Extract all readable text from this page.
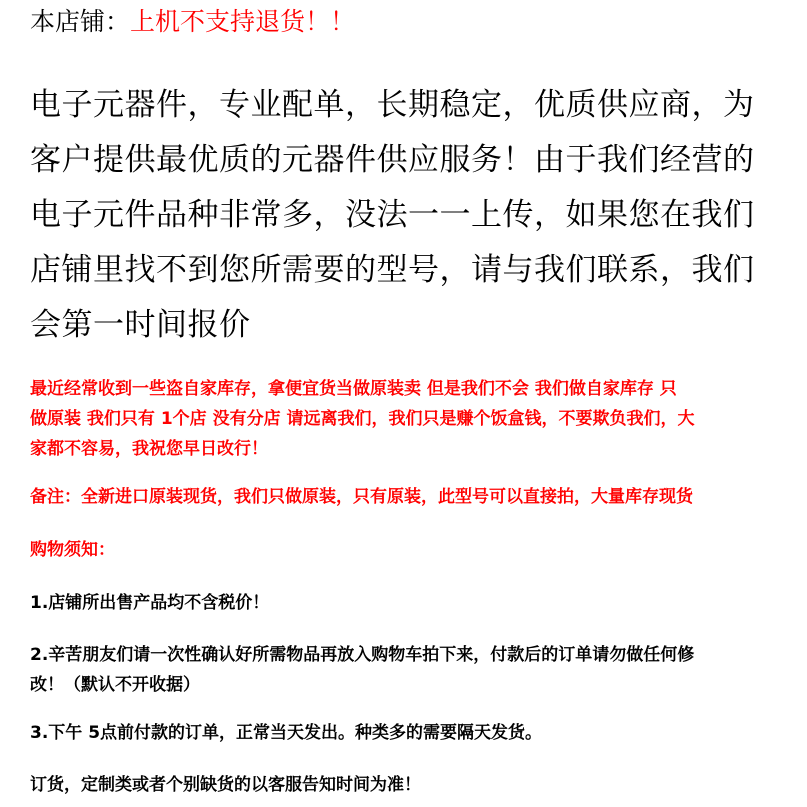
本店铺：上机不支持退货！！
电子元器件，专业配单，长期稳定，优质供应商，为
客户提供最优质的元器件供应服务！由于我们经营的
电子元件品种非常多，没法一一上传，如果您在我们
店铺里找不到您所需要的型号，请与我们联系，我们
会第一时间报价
最近经常收到一些盗自家库存，拿便宜货当做原装卖 但是我们不会 我们做自家库存 只
做原装 我们只有 1个店 没有分店 请远离我们，我们只是赚个饭盒钱，不要欺负我们，大
家都不容易，我祝您早日改行！
备注：全新进口原装现货，我们只做原装，只有原装，此型号可以直接拍，大量库存现货
购物须知：
1.店铺所出售产品均不含税价！
2.辛苦朋友们请一次性确认好所需物品再放入购物车拍下来，付款后的订单请勿做任何修
改！（默认不开收据）
3.下午 5点前付款的订单，正常当天发出。种类多的需要隔天发货。
订货，定制类或者个别缺货的以客服告知时间为准！
